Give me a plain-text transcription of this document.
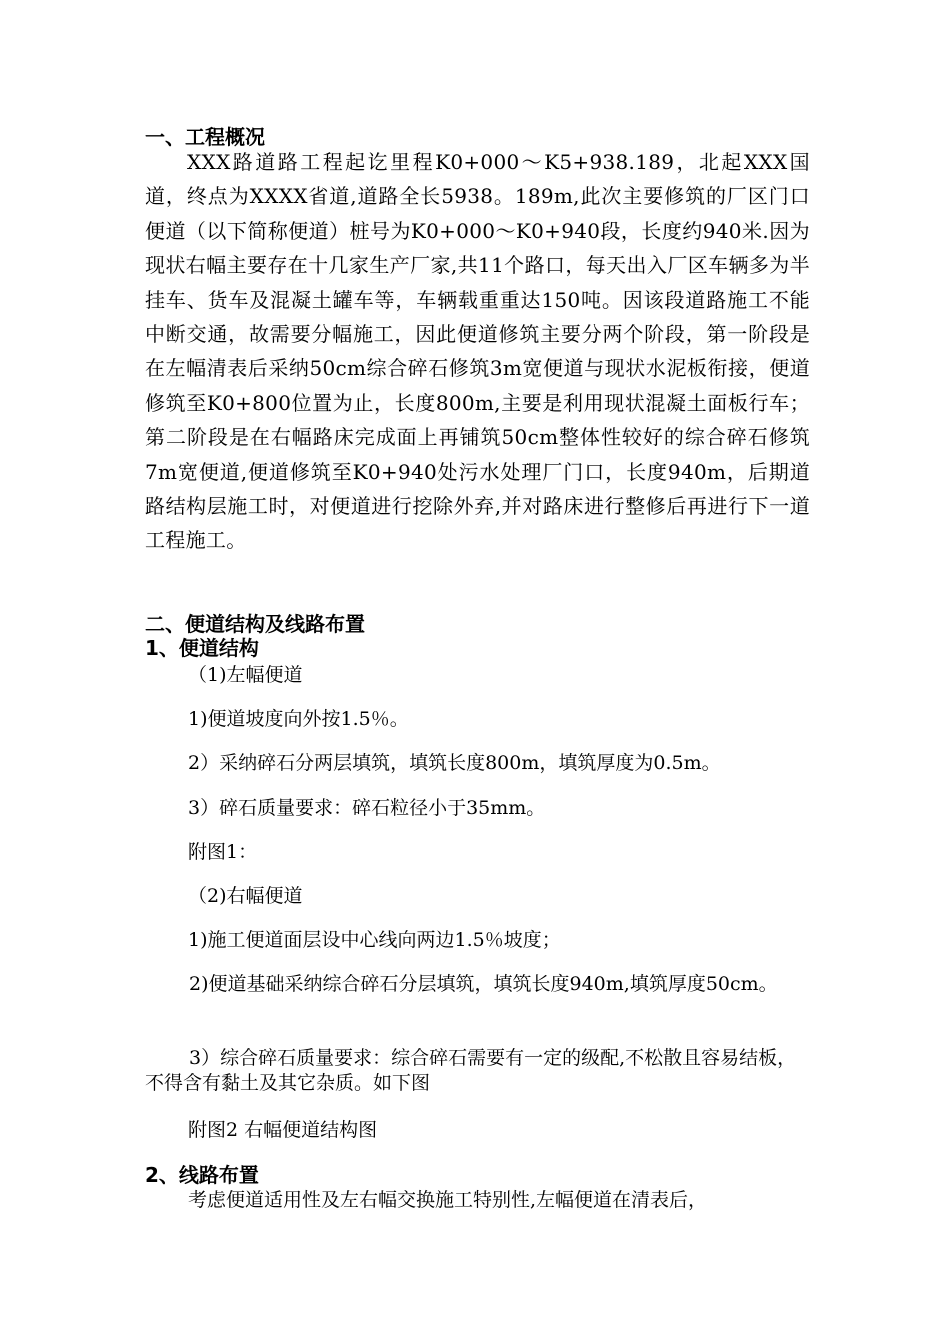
一、工程概况
XXX路道路工程起讫里程K0+000～K5+938.189，北起XXX国道，终点为XXXX省道,道路全长5938。189m,此次主要修筑的厂区门口便道（以下简称便道）桩号为K0+000～K0+940段，长度约940米.因为现状右幅主要存在十几家生产厂家,共11个路口，每天出入厂区车辆多为半挂车、货车及混凝土罐车等，车辆载重重达150吨。因该段道路施工不能中断交通，故需要分幅施工，因此便道修筑主要分两个阶段，第一阶段是在左幅清表后采纳50cm综合碎石修筑3m宽便道与现状水泥板衔接，便道修筑至K0+800位置为止，长度800m,主要是利用现状混凝土面板行车；第二阶段是在右幅路床完成面上再铺筑50cm整体性较好的综合碎石修筑7m宽便道,便道修筑至K0+940处污水处理厂门口，长度940m，后期道路结构层施工时，对便道进行挖除外弃,并对路床进行整修后再进行下一道工程施工。
二、便道结构及线路布置
1、便道结构
（1)左幅便道
1)便道坡度向外按1.5％。
2）采纳碎石分两层填筑，填筑长度800m，填筑厚度为0.5m。
3）碎石质量要求：碎石粒径小于35mm。
附图1：
（2)右幅便道
1)施工便道面层设中心线向两边1.5％坡度；
2)便道基础采纳综合碎石分层填筑，填筑长度940m,填筑厚度50cm。
3）综合碎石质量要求：综合碎石需要有一定的级配,不松散且容易结板，不得含有黏土及其它杂质。如下图
附图2 右幅便道结构图
2、线路布置
考虑便道适用性及左右幅交换施工特别性,左幅便道在清表后，
